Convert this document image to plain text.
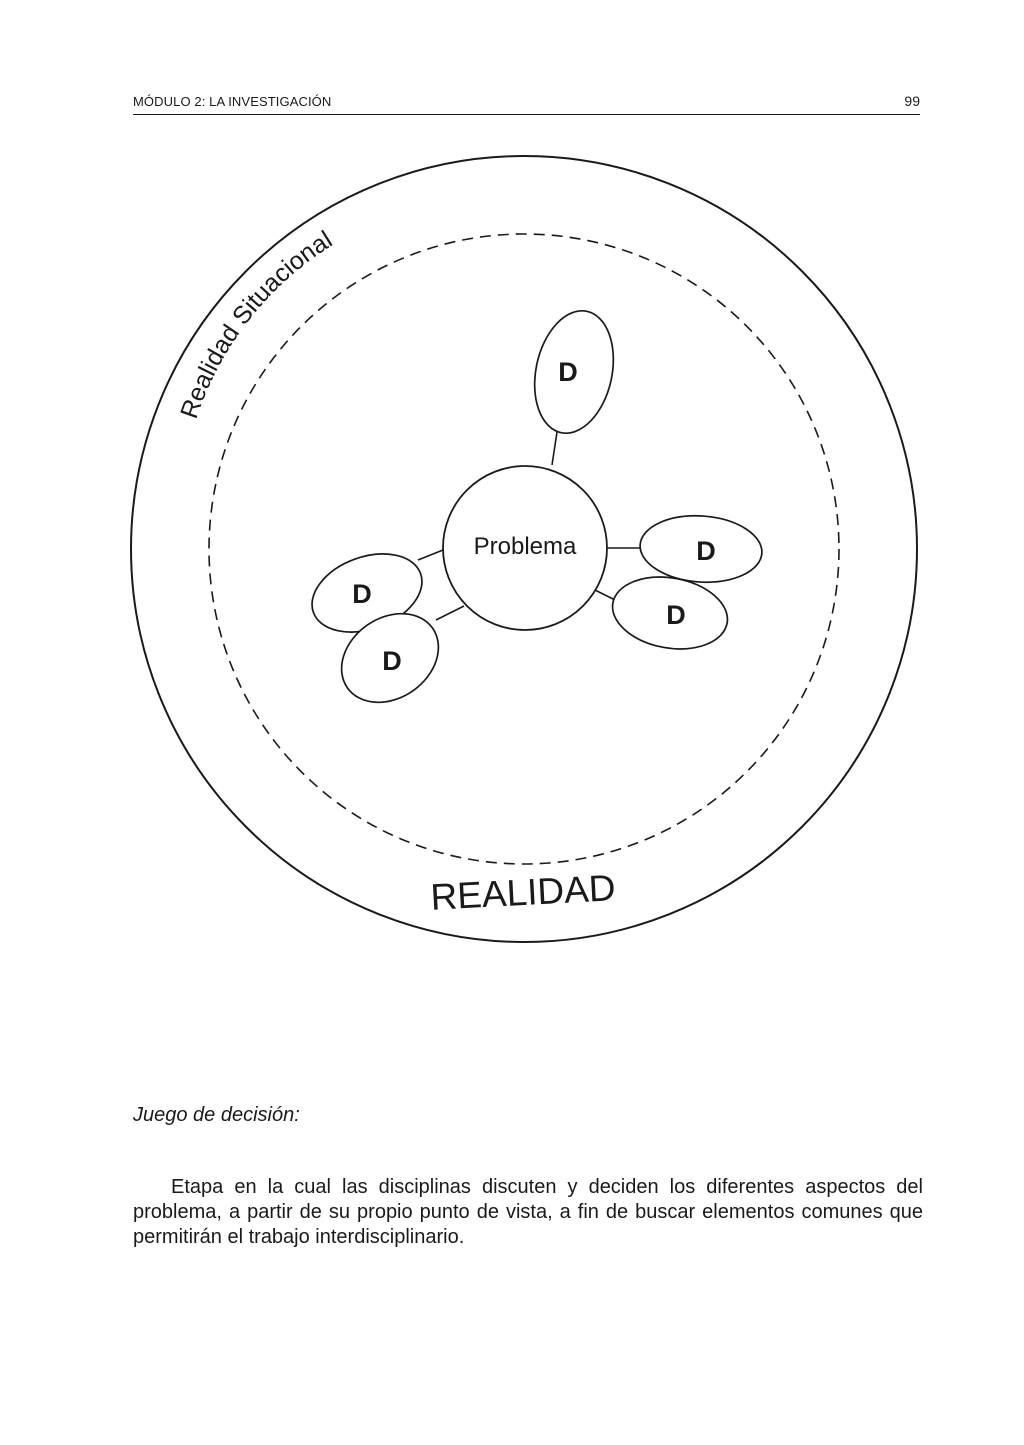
MÓDULO 2: LA INVESTIGACIÓN	99
Realidad Situacional
D
D
D
D
D
Problema
REALIDAD
Juego de decisión:

Etapa en la cual las disciplinas discuten y deciden los diferentes aspectos del problema, a partir de su propio punto de vista, a fin de buscar elementos comunes que permitirán el trabajo interdisciplinario.
